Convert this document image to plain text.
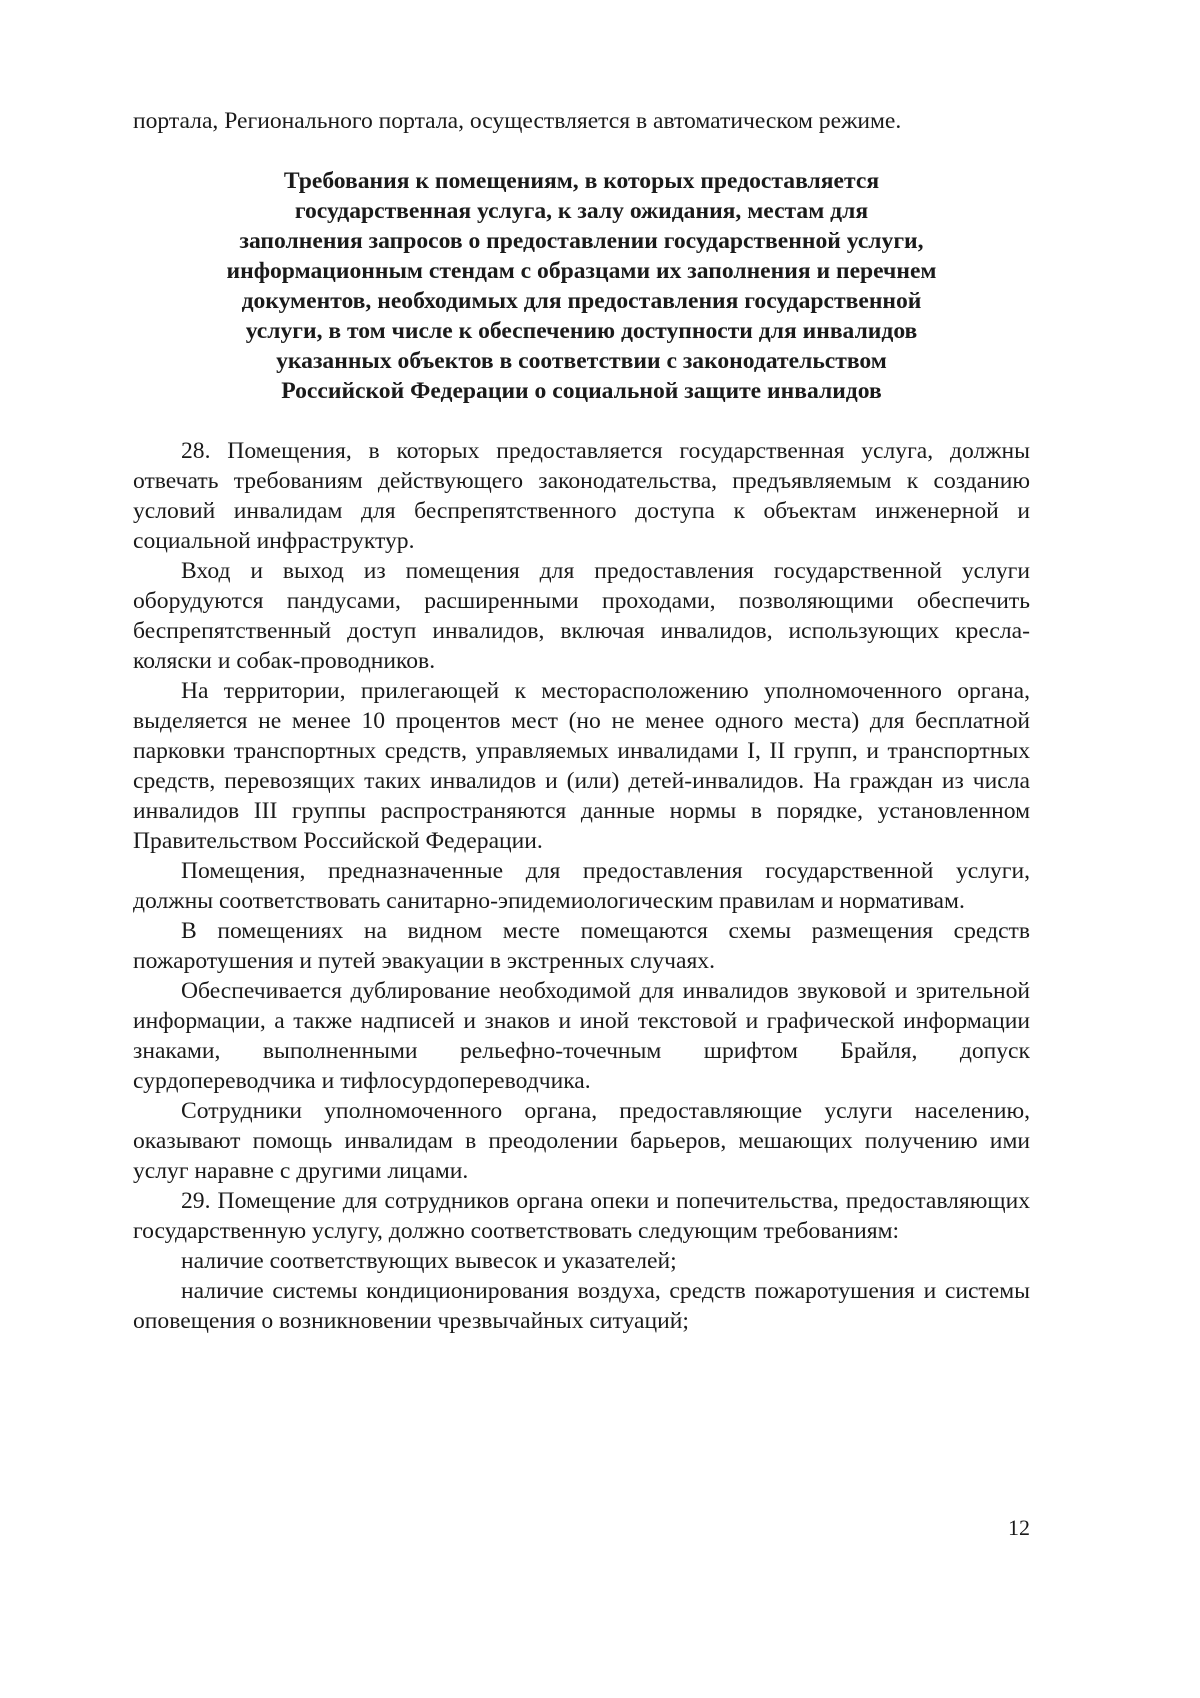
портала, Регионального портала, осуществляется в автоматическом режиме.

Требования к помещениям, в которых предоставляется
государственная услуга, к залу ожидания, местам для
заполнения запросов о предоставлении государственной услуги,
информационным стендам с образцами их заполнения и перечнем
документов, необходимых для предоставления государственной
услуги, в том числе к обеспечению доступности для инвалидов
указанных объектов в соответствии с законодательством
Российской Федерации о социальной защите инвалидов

28. Помещения, в которых предоставляется государственная услуга, должны отвечать требованиям действующего законодательства, предъявляемым к созданию условий инвалидам для беспрепятственного доступа к объектам инженерной и социальной инфраструктур.

Вход и выход из помещения для предоставления государственной услуги оборудуются пандусами, расширенными проходами, позволяющими обеспечить беспрепятственный доступ инвалидов, включая инвалидов, использующих кресла-коляски и собак-проводников.

На территории, прилегающей к месторасположению уполномоченного органа, выделяется не менее 10 процентов мест (но не менее одного места) для бесплатной парковки транспортных средств, управляемых инвалидами I, II групп, и транспортных средств, перевозящих таких инвалидов и (или) детей-инвалидов. На граждан из числа инвалидов III группы распространяются данные нормы в порядке, установленном Правительством Российской Федерации.

Помещения, предназначенные для предоставления государственной услуги, должны соответствовать санитарно-эпидемиологическим правилам и нормативам.

В помещениях на видном месте помещаются схемы размещения средств пожаротушения и путей эвакуации в экстренных случаях.

Обеспечивается дублирование необходимой для инвалидов звуковой и зрительной информации, а также надписей и знаков и иной текстовой и графической информации знаками, выполненными рельефно-точечным шрифтом Брайля, допуск сурдопереводчика и тифлосурдопереводчика.

Сотрудники уполномоченного органа, предоставляющие услуги населению, оказывают помощь инвалидам в преодолении барьеров, мешающих получению ими услуг наравне с другими лицами.

29. Помещение для сотрудников органа опеки и попечительства, предоставляющих государственную услугу, должно соответствовать следующим требованиям:

наличие соответствующих вывесок и указателей;

наличие системы кондиционирования воздуха, средств пожаротушения и системы оповещения о возникновении чрезвычайных ситуаций;

12
